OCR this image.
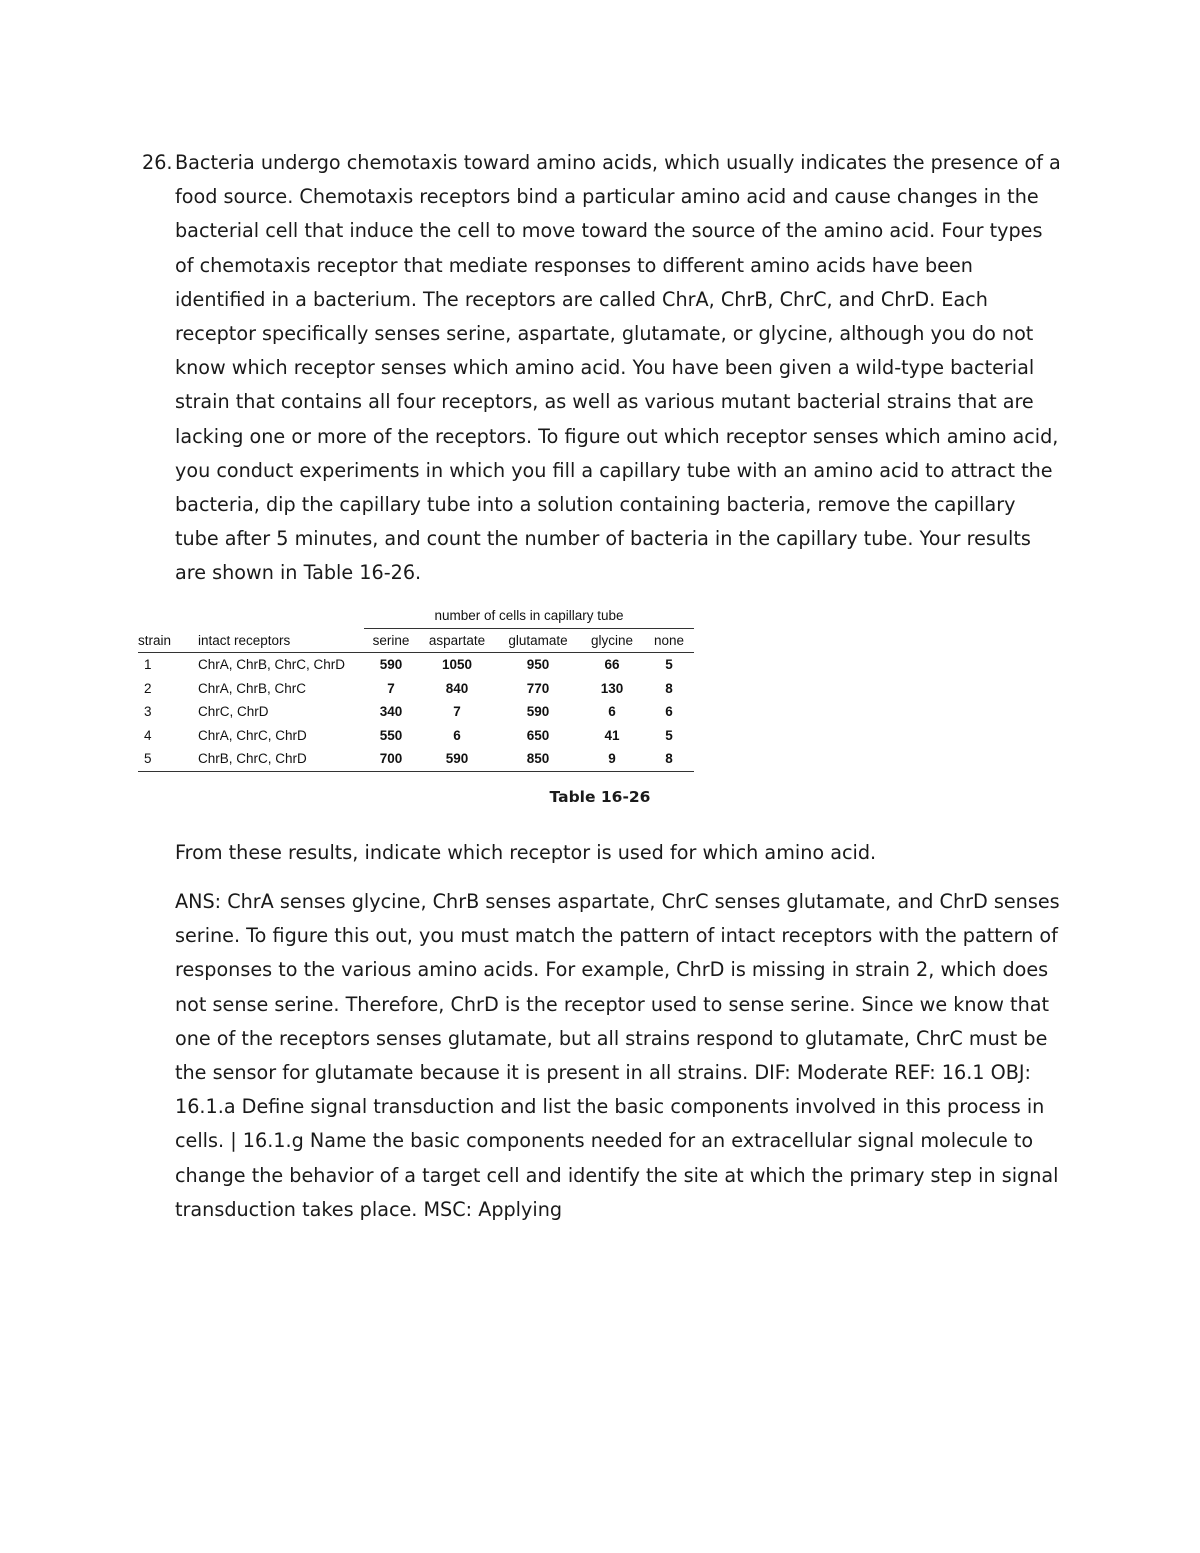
26. Bacteria undergo chemotaxis toward amino acids, which usually indicates the presence of a food source. Chemotaxis receptors bind a particular amino acid and cause changes in the bacterial cell that induce the cell to move toward the source of the amino acid. Four types of chemotaxis receptor that mediate responses to different amino acids have been identified in a bacterium. The receptors are called ChrA, ChrB, ChrC, and ChrD. Each receptor specifically senses serine, aspartate, glutamate, or glycine, although you do not know which receptor senses which amino acid. You have been given a wild-type bacterial strain that contains all four receptors, as well as various mutant bacterial strains that are lacking one or more of the receptors. To figure out which receptor senses which amino acid, you conduct experiments in which you fill a capillary tube with an amino acid to attract the bacteria, dip the capillary tube into a solution containing bacteria, remove the capillary tube after 5 minutes, and count the number of bacteria in the capillary tube. Your results are shown in Table 16-26.

		number of cells in capillary tube				
strain	intact receptors	serine	aspartate	glutamate	glycine	none
1	ChrA, ChrB, ChrC, ChrD	590	1050	950	66	5
2	ChrA, ChrB, ChrC	7	840	770	130	8
3	ChrC, ChrD	340	7	590	6	6
4	ChrA, ChrC, ChrD	550	6	650	41	5
5	ChrB, ChrC, ChrD	700	590	850	9	8
Table 16-26

From these results, indicate which receptor is used for which amino acid.

ANS: ChrA senses glycine, ChrB senses aspartate, ChrC senses glutamate, and ChrD senses serine. To figure this out, you must match the pattern of intact receptors with the pattern of responses to the various amino acids. For example, ChrD is missing in strain 2, which does not sense serine. Therefore, ChrD is the receptor used to sense serine. Since we know that one of the receptors senses glutamate, but all strains respond to glutamate, ChrC must be the sensor for glutamate because it is present in all strains. DIF: Moderate REF: 16.1 OBJ: 16.1.a Define signal transduction and list the basic components involved in this process in cells. | 16.1.g Name the basic components needed for an extracellular signal molecule to change the behavior of a target cell and identify the site at which the primary step in signal transduction takes place. MSC: Applying
